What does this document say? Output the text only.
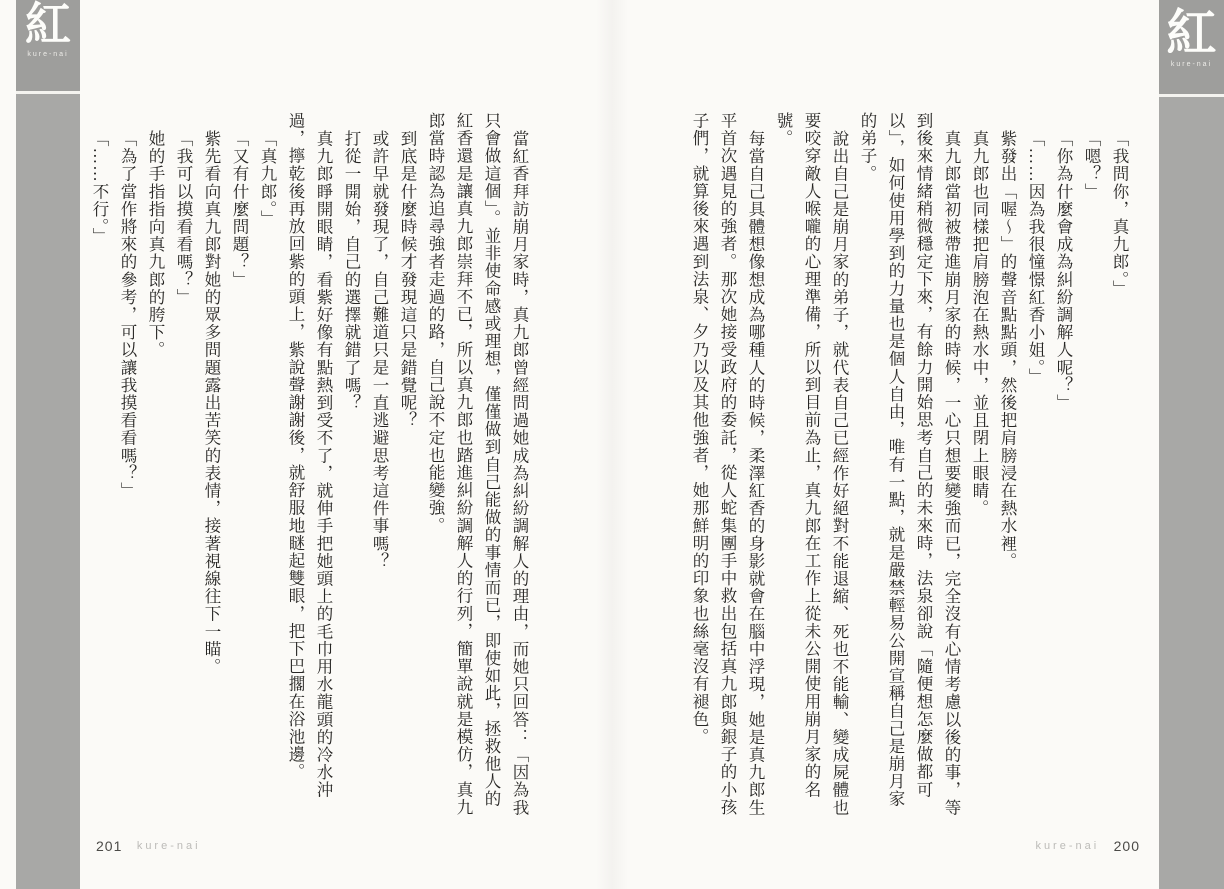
紅
kure-nai	紅
kure-nai

「我問你，真九郎。」

「嗯？」

「你為什麼會成為糾紛調解人呢？」

「……因為我很憧憬紅香小姐。」

紫發出「喔～」的聲音點點頭，然後把肩膀浸在熱水裡。

真九郎也同樣把肩膀泡在熱水中，並且閉上眼睛。

真九郎當初被帶進崩月家的時候，一心只想要變強而已，完全沒有心情考慮以後的事，等到後來情緒稍微穩定下來，有餘力開始思考自己的未來時，法泉卻說「隨便想怎麼做都可以」，如何使用學到的力量也是個人自由，唯有一點，就是嚴禁輕易公開宣稱自己是崩月家的弟子。

說出自己是崩月家的弟子，就代表自己已經作好絕對不能退縮、死也不能輸、變成屍體也要咬穿敵人喉嚨的心理準備，所以到目前為止，真九郎在工作上從未公開使用崩月家的名號。

每當自己具體想像想成為哪種人的時候，柔澤紅香的身影就會在腦中浮現，她是真九郎生平首次遇見的強者。那次她接受政府的委託，從人蛇集團手中救出包括真九郎與銀子的小孩子們，就算後來遇到法泉、夕乃以及其他強者，她那鮮明的印象也絲毫沒有褪色。

當紅香拜訪崩月家時，真九郎曾經問過她成為糾紛調解人的理由，而她只回答：「因為我只會做這個」。並非使命感或理想，僅僅做到自己能做的事情而已，即使如此，拯救他人的紅香還是讓真九郎崇拜不已，所以真九郎也踏進糾紛調解人的行列，簡單說就是模仿，真九郎當時認為追尋強者走過的路，自己說不定也能變強。

到底是什麼時候才發現這只是錯覺呢？

或許早就發現了，自己難道只是一直逃避思考這件事嗎？

打從一開始，自己的選擇就錯了嗎？

真九郎睜開眼睛，看紫好像有點熱到受不了，就伸手把她頭上的毛巾用水龍頭的冷水沖過，擰乾後再放回紫的頭上，紫說聲謝謝後，就舒服地瞇起雙眼，把下巴擱在浴池邊。

「真九郎。」

「又有什麼問題？」

紫先看向真九郎對她的眾多問題露出苦笑的表情，接著視線往下一瞄。

「我可以摸看看嗎？」

她的手指指向真九郎的胯下。

「為了當作將來的參考，可以讓我摸看看嗎？」

「……不行。」

201 kure-nai	kure-nai 200
